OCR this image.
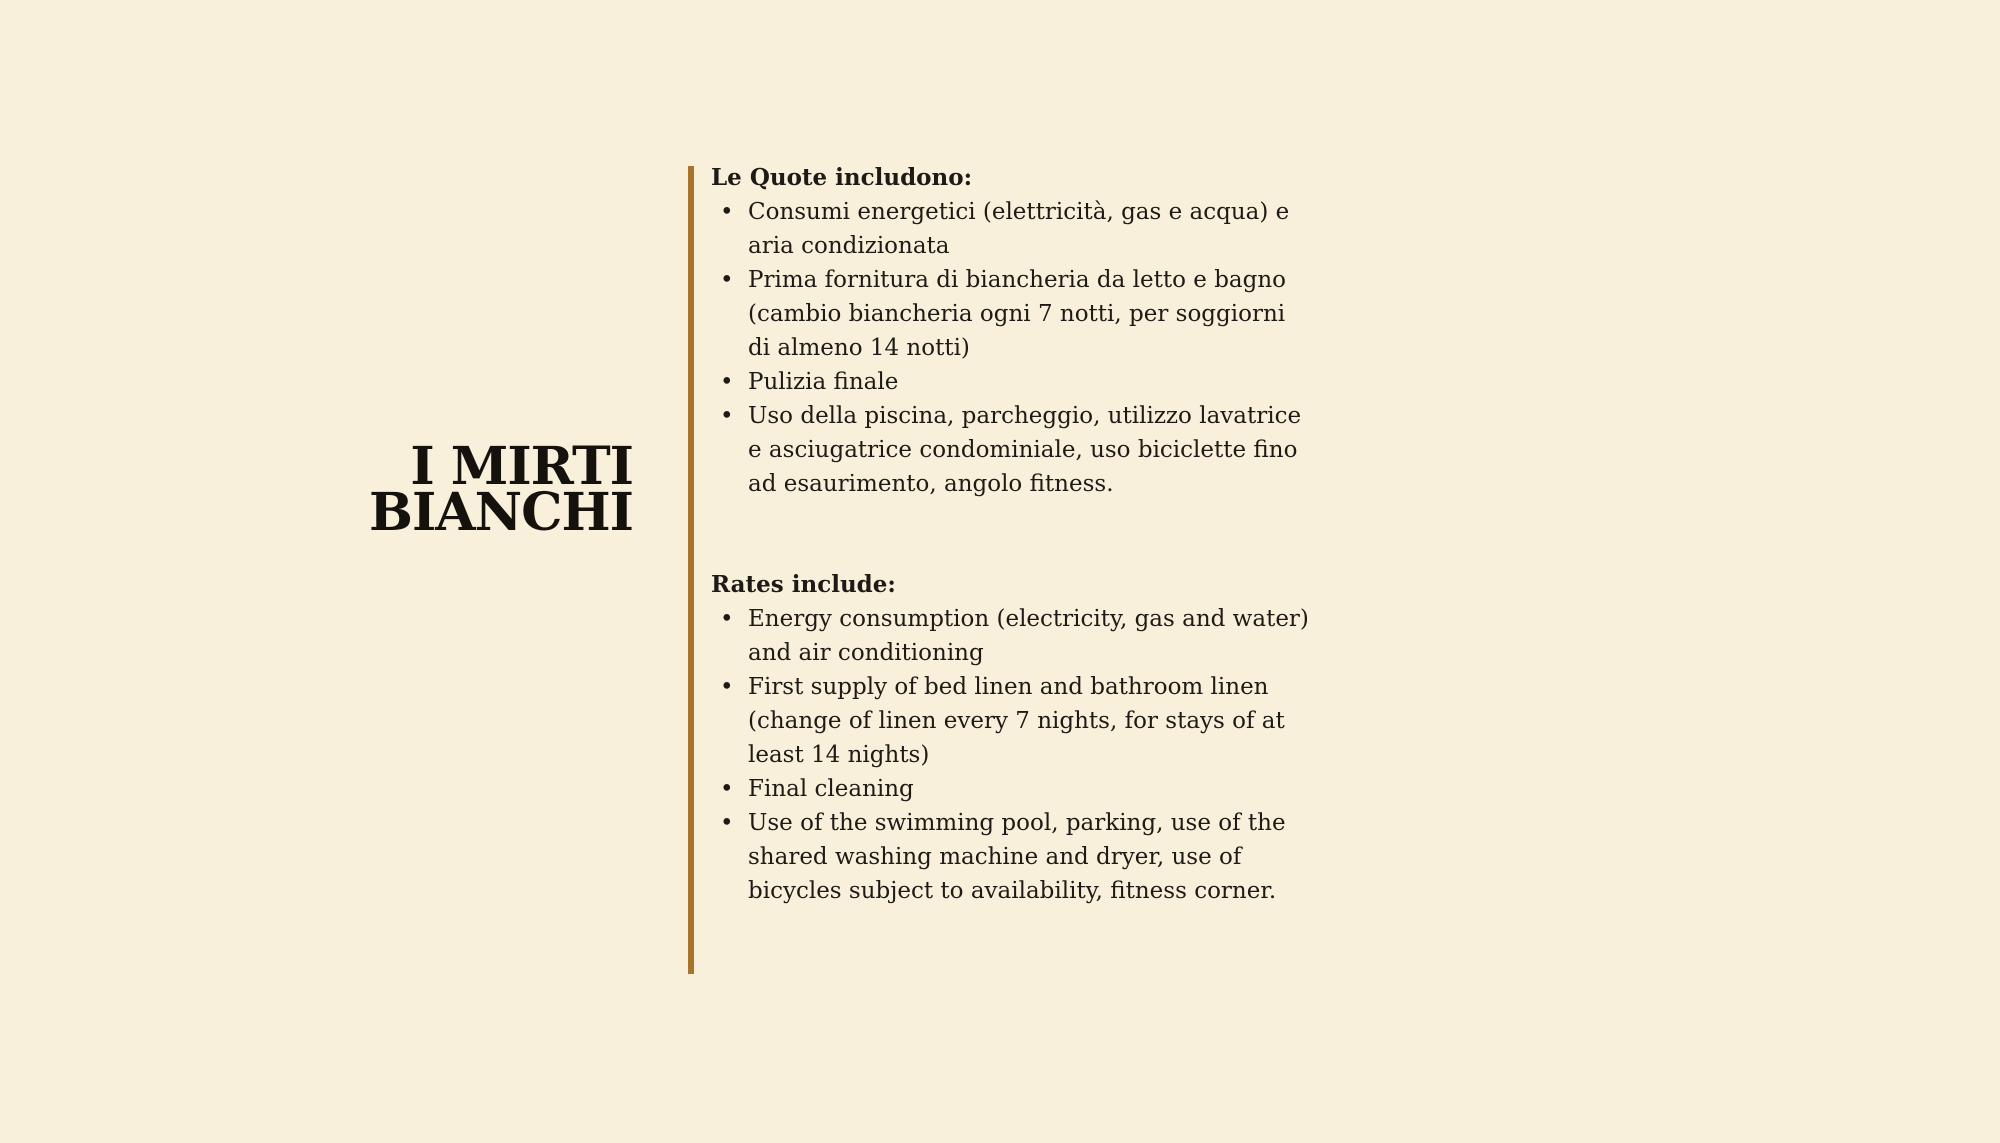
I MIRTI
BIANCHI

Le Quote includono:

• Consumi energetici (elettricità, gas e acqua) e aria condizionata
• Prima fornitura di biancheria da letto e bagno (cambio biancheria ogni 7 notti, per soggiorni di almeno 14 notti)
• Pulizia finale
• Uso della piscina, parcheggio, utilizzo lavatrice e asciugatrice condominiale, uso biciclette fino ad esaurimento, angolo fitness.

Rates include:

• Energy consumption (electricity, gas and water) and air conditioning
• First supply of bed linen and bathroom linen (change of linen every 7 nights, for stays of at least 14 nights)
• Final cleaning
• Use of the swimming pool, parking, use of the shared washing machine and dryer, use of bicycles subject to availability, fitness corner.
